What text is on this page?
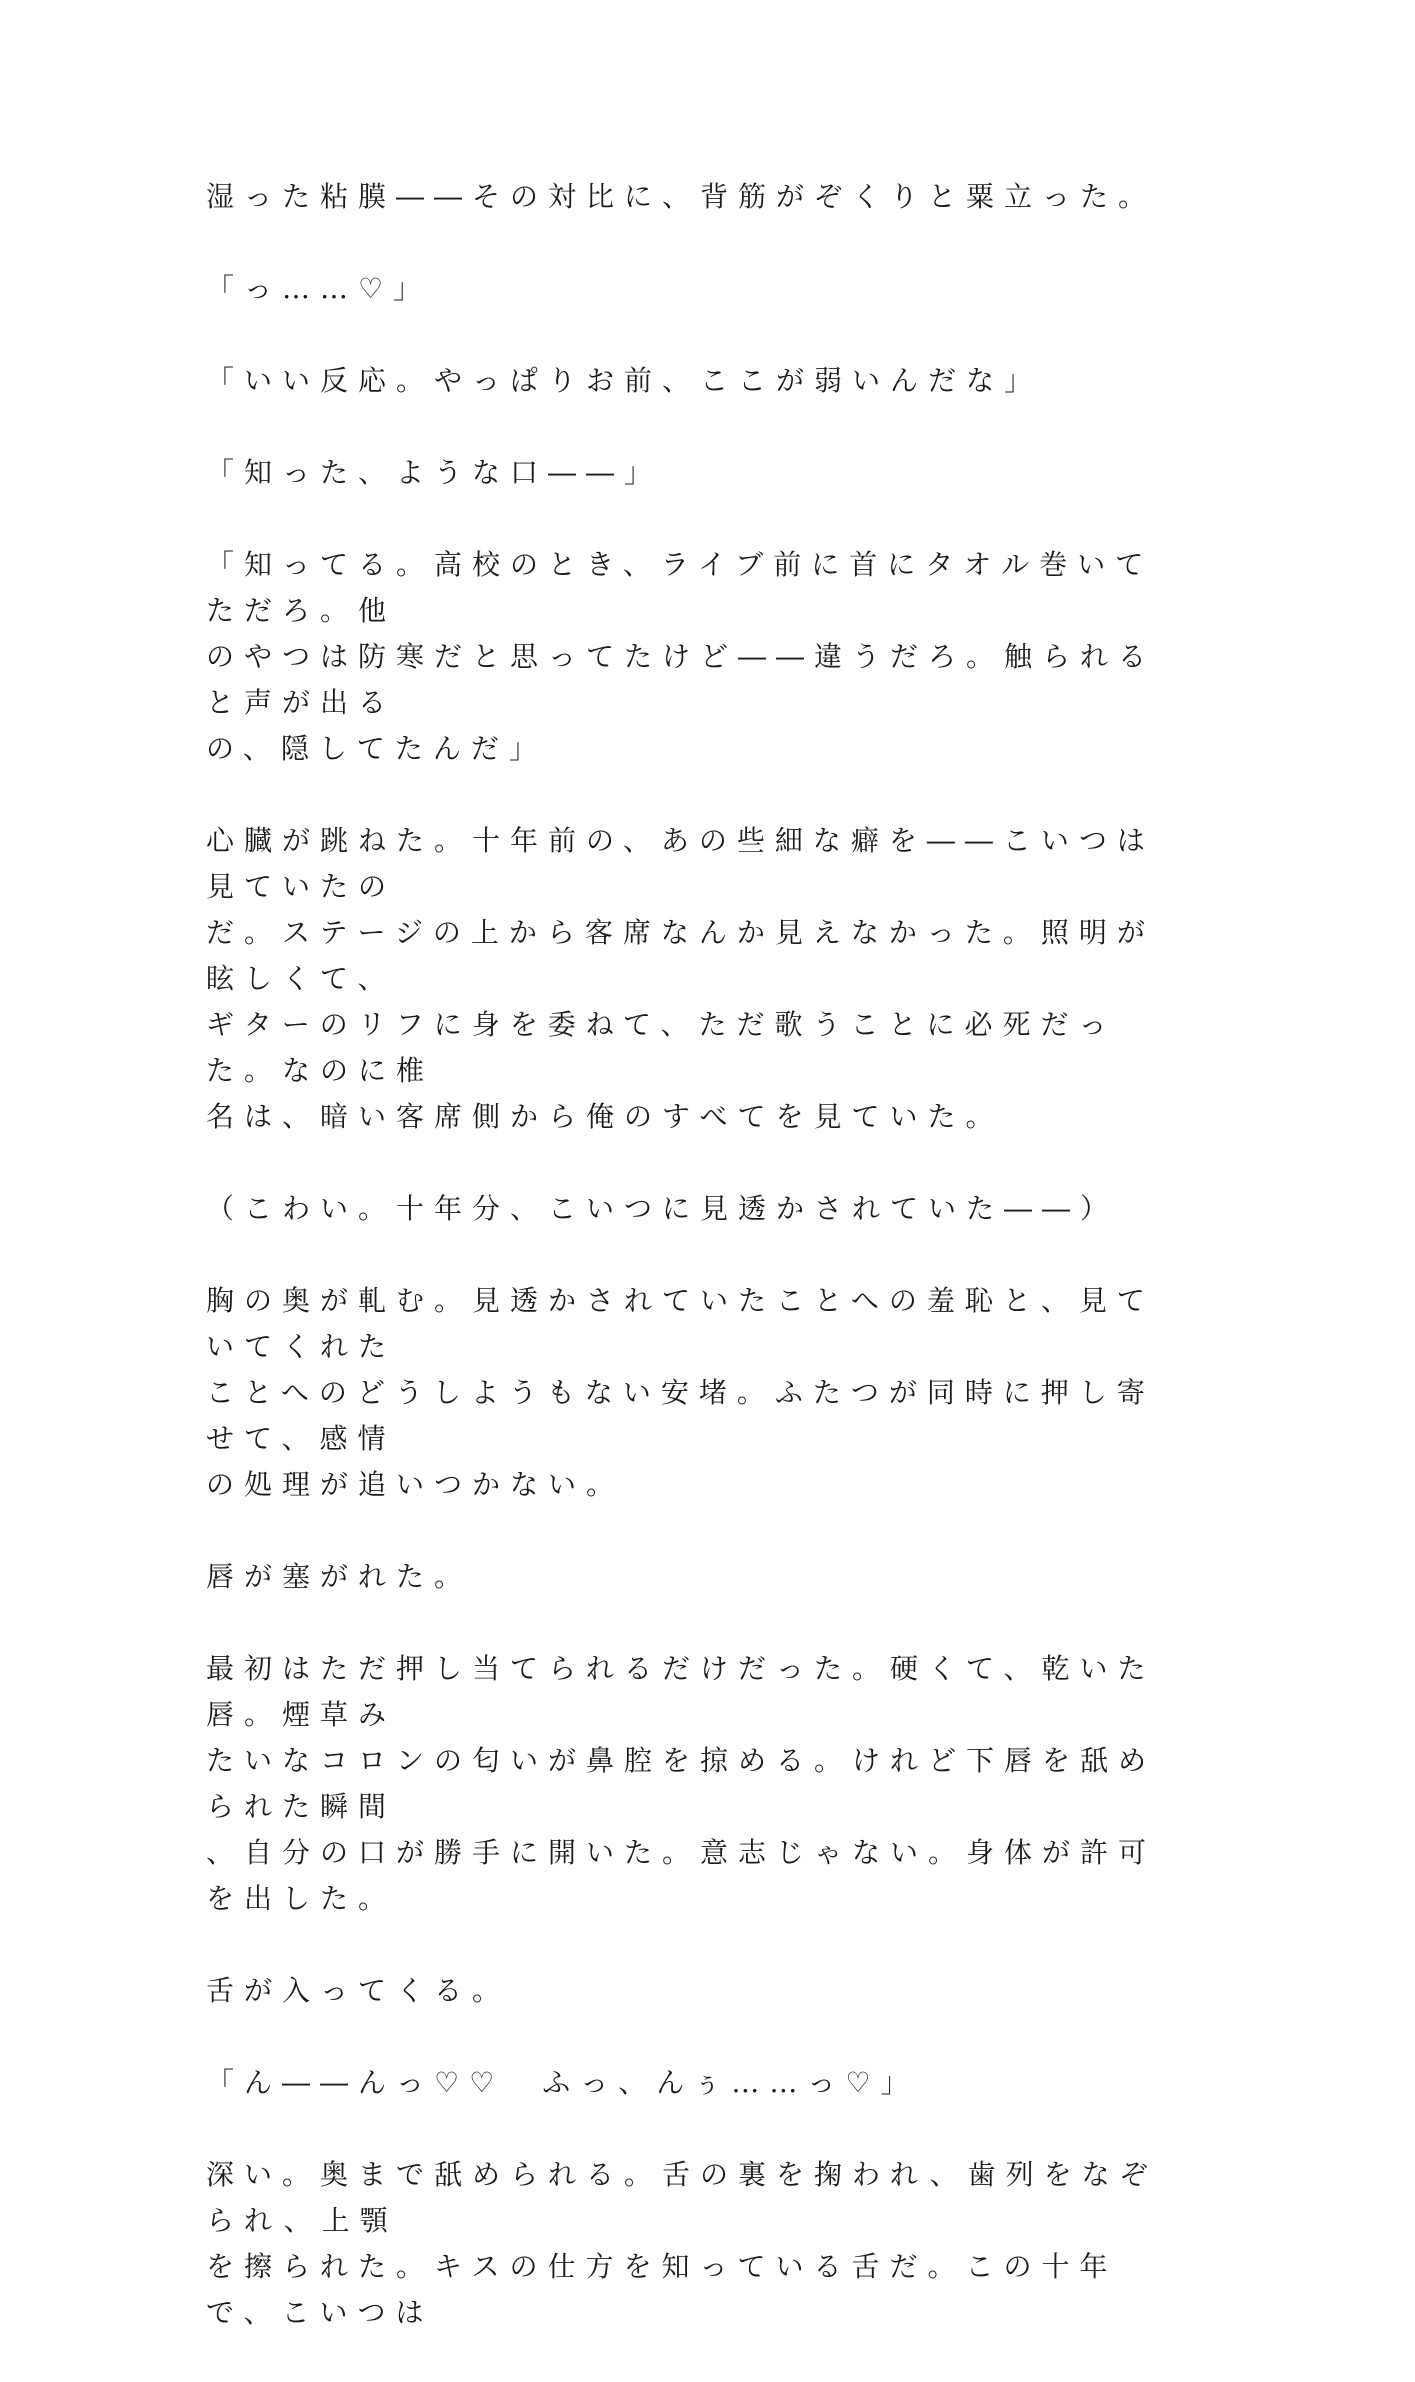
湿った粘膜――その対比に、背筋がぞくりと粟立った。

「っ……♡」

「いい反応。やっぱりお前、ここが弱いんだな」

「知った、ような口――」

「知ってる。高校のとき、ライブ前に首にタオル巻いてただろ。他
のやつは防寒だと思ってたけど――違うだろ。触られると声が出る
の、隠してたんだ」

心臓が跳ねた。十年前の、あの些細な癖を――こいつは見ていたの
だ。ステージの上から客席なんか見えなかった。照明が眩しくて、
ギターのリフに身を委ねて、ただ歌うことに必死だった。なのに椎
名は、暗い客席側から俺のすべてを見ていた。

（こわい。十年分、こいつに見透かされていた――）

胸の奥が軋む。見透かされていたことへの羞恥と、見ていてくれた
ことへのどうしようもない安堵。ふたつが同時に押し寄せて、感情
の処理が追いつかない。

唇が塞がれた。

最初はただ押し当てられるだけだった。硬くて、乾いた唇。煙草み
たいなコロンの匂いが鼻腔を掠める。けれど下唇を舐められた瞬間
、自分の口が勝手に開いた。意志じゃない。身体が許可を出した。

舌が入ってくる。

「ん――んっ♡♡　ふっ、んぅ……っ♡」

深い。奥まで舐められる。舌の裏を掬われ、歯列をなぞられ、上顎
を擦られた。キスの仕方を知っている舌だ。この十年で、こいつは
